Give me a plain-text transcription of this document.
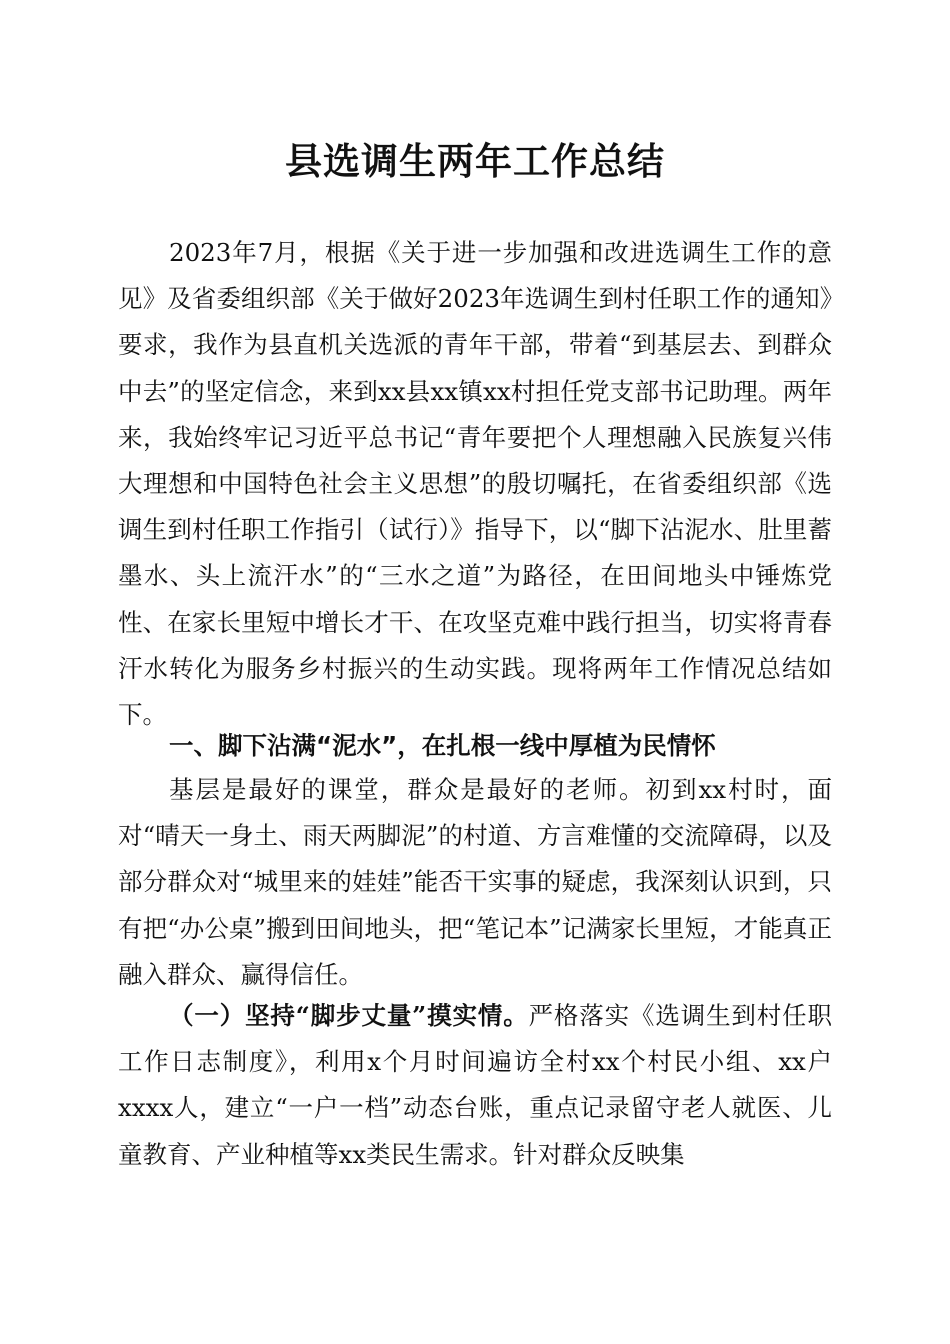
县选调生两年工作总结

2023年7月，根据《关于进一步加强和改进选调生工作的意见》及省委组织部《关于做好2023年选调生到村任职工作的通知》要求，我作为县直机关选派的青年干部，带着“到基层去、到群众中去”的坚定信念，来到xx县xx镇xx村担任党支部书记助理。两年来，我始终牢记习近平总书记“青年要把个人理想融入民族复兴伟大理想和中国特色社会主义思想”的殷切嘱托，在省委组织部《选调生到村任职工作指引（试行）》指导下，以“脚下沾泥水、肚里蓄墨水、头上流汗水”的“三水之道”为路径，在田间地头中锤炼党性、在家长里短中增长才干、在攻坚克难中践行担当，切实将青春汗水转化为服务乡村振兴的生动实践。现将两年工作情况总结如下。

一、脚下沾满“泥水”，在扎根一线中厚植为民情怀

基层是最好的课堂，群众是最好的老师。初到xx村时，面对“晴天一身土、雨天两脚泥”的村道、方言难懂的交流障碍，以及部分群众对“城里来的娃娃”能否干实事的疑虑，我深刻认识到，只有把“办公桌”搬到田间地头，把“笔记本”记满家长里短，才能真正融入群众、赢得信任。

（一）坚持“脚步丈量”摸实情。严格落实《选调生到村任职工作日志制度》，利用x个月时间遍访全村xx个村民小组、xx户xxxx人，建立“一户一档”动态台账，重点记录留守老人就医、儿童教育、产业种植等xx类民生需求。针对群众反映集
